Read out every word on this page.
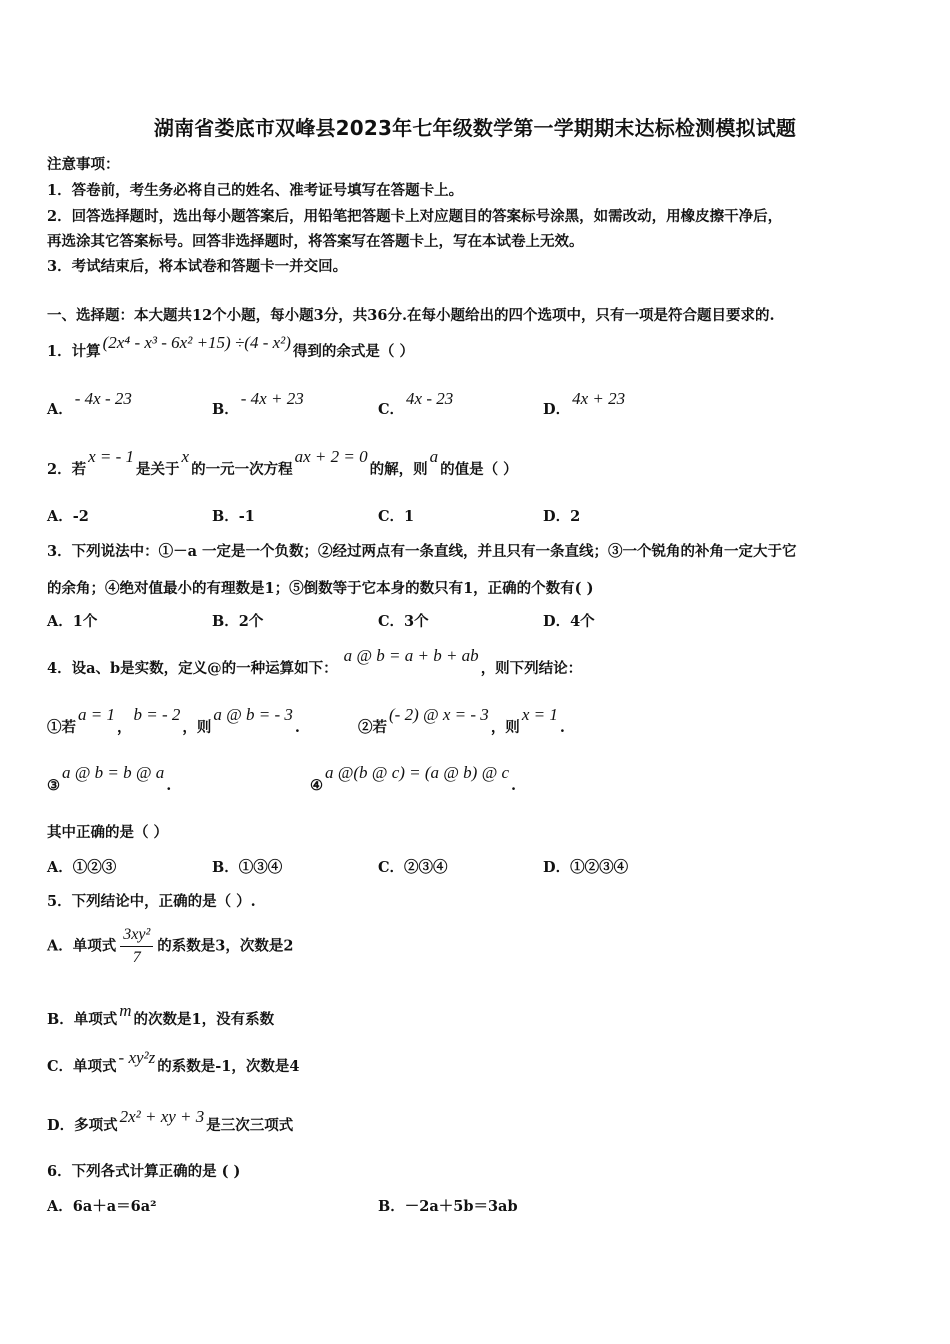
湖南省娄底市双峰县2023年七年级数学第一学期期末达标检测模拟试题
注意事项：
1．答卷前，考生务必将自己的姓名、准考证号填写在答题卡上。
2．回答选择题时，选出每小题答案后，用铅笔把答题卡上对应题目的答案标号涂黑，如需改动，用橡皮擦干净后，
再选涂其它答案标号。回答非选择题时，将答案写在答题卡上，写在本试卷上无效。
3．考试结束后，将本试卷和答题卡一并交回。
一、选择题：本大题共12个小题，每小题3分，共36分.在每小题给出的四个选项中，只有一项是符合题目要求的.
1．计算 (2x⁴ - x³ - 6x² +15) ÷(4 - x²) 得到的余式是（ ）
A．- 4x - 23
B．- 4x + 23
C．4x - 23
D．4x + 23
2．若x = - 1是关于x的一元一次方程ax + 2 = 0的解，则a的值是（ ）
A．-2	B．-1	C．1	D．2
3．下列说法中：①－a 一定是一个负数；②经过两点有一条直线，并且只有一条直线；③一个锐角的补角一定大于它
的余角；④绝对值最小的有理数是1；⑤倒数等于它本身的数只有1，正确的个数有( )
A．1个	B．2个	C．3个	D．4个
4．设a、b是实数，定义@的一种运算如下：a @ b = a + b + ab，则下列结论：
①若a = 1，b = - 2，则a @ b = - 3.	②若(- 2) @ x = - 3，则x = 1.
③a @ b = b @ a.	④a @(b @ c) = (a @ b) @ c.
其中正确的是（ ）
A．①②③	B．①③④	C．②③④	D．①②③④
5．下列结论中，正确的是（ ）.
A．单项式 $\frac{\text{3xy²}}{7}$ 的系数是3，次数是2
B．单项式 m 的次数是1，没有系数
C．单项式 - xy²z 的系数是-1，次数是4
D．多项式 2x² + xy + 3 是三次三项式
6．下列各式计算正确的是 ( )
A．6a＋a＝6a²	B．－2a＋5b＝3ab
